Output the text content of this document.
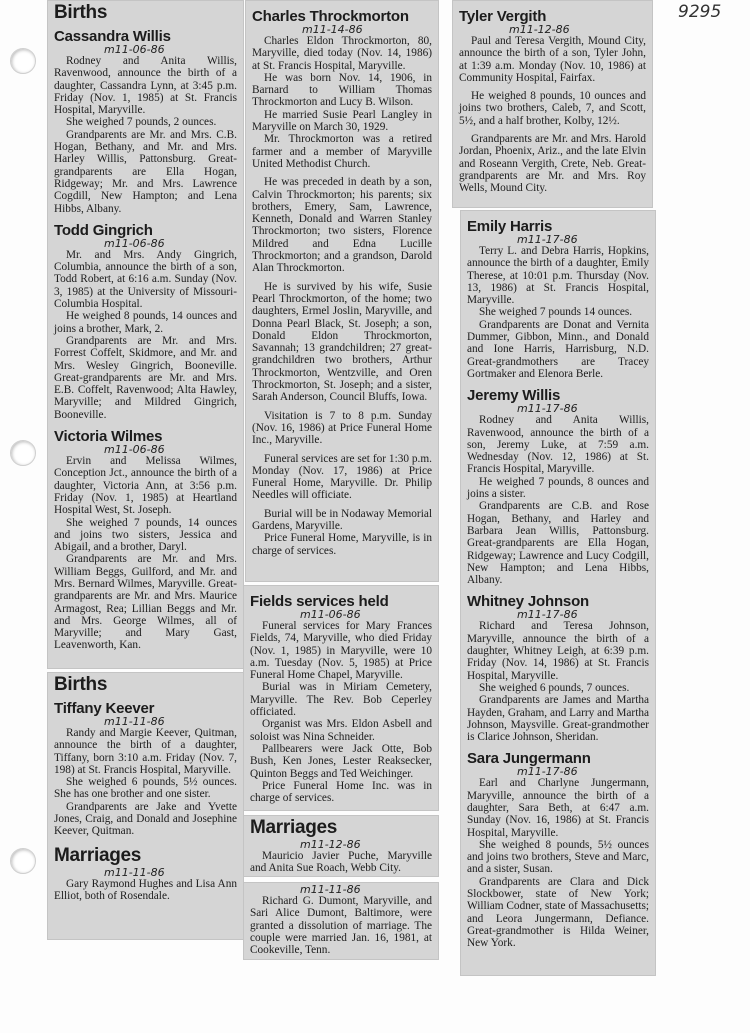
9295
Births
Cassandra Willis
m11-06-86

Rodney and Anita Willis, Ravenwood, announce the birth of a daughter, Cassandra Lynn, at 3:45 p.m. Friday (Nov. 1, 1985) at St. Francis Hospital, Maryville.

She weighed 7 pounds, 2 ounces.

Grandparents are Mr. and Mrs. C.B. Hogan, Bethany, and Mr. and Mrs. Harley Willis, Pattonsburg. Great-grandparents are Ella Hogan, Ridgeway; Mr. and Mrs. Lawrence Cogdill, New Hampton; and Lena Hibbs, Albany.

Todd Gingrich
m11-06-86

Mr. and Mrs. Andy Gingrich, Columbia, announce the birth of a son, Todd Robert, at 6:16 a.m. Sunday (Nov. 3, 1985) at the University of Missouri-Columbia Hospital.

He weighed 8 pounds, 14 ounces and joins a brother, Mark, 2.

Grandparents are Mr. and Mrs. Forrest Coffelt, Skidmore, and Mr. and Mrs. Wesley Gingrich, Booneville. Great-grandparents are Mr. and Mrs. E.B. Coffelt, Ravenwood; Alta Hawley, Maryville; and Mildred Gingrich, Booneville.

Victoria Wilmes
m11-06-86

Ervin and Melissa Wilmes, Conception Jct., announce the birth of a daughter, Victoria Ann, at 3:56 p.m. Friday (Nov. 1, 1985) at Heartland Hospital West, St. Joseph.

She weighed 7 pounds, 14 ounces and joins two sisters, Jessica and Abigail, and a brother, Daryl.

Grandparents are Mr. and Mrs. William Beggs, Guilford, and Mr. and Mrs. Bernard Wilmes, Maryville. Great-grandparents are Mr. and Mrs. Maurice Armagost, Rea; Lillian Beggs and Mr. and Mrs. George Wilmes, all of Maryville; and Mary Gast, Leavenworth, Kan.

Births
Tiffany Keever
m11-11-86

Randy and Margie Keever, Quitman, announce the birth of a daughter, Tiffany, born 3:10 a.m. Friday (Nov. 7, 198) at St. Francis Hospital, Maryville.

She weighed 6 pounds, 5½ ounces. She has one brother and one sister.

Grandparents are Jake and Yvette Jones, Craig, and Donald and Josephine Keever, Quitman.

Marriages
m11-11-86

Gary Raymond Hughes and Lisa Ann Elliot, both of Rosendale.

Charles Throckmorton
m11-14-86

Charles Eldon Throckmorton, 80, Maryville, died today (Nov. 14, 1986) at St. Francis Hospital, Maryville.

He was born Nov. 14, 1906, in Barnard to William Thomas Throckmorton and Lucy B. Wilson.

He married Susie Pearl Langley in Maryville on March 30, 1929.

Mr. Throckmorton was a retired farmer and a member of Maryville United Methodist Church.

He was preceded in death by a son, Calvin Throckmorton; his parents; six brothers, Emery, Sam, Lawrence, Kenneth, Donald and Warren Stanley Throckmorton; two sisters, Florence Mildred and Edna Lucille Throckmorton; and a grandson, Darold Alan Throckmorton.

He is survived by his wife, Susie Pearl Throckmorton, of the home; two daughters, Ermel Joslin, Maryville, and Donna Pearl Black, St. Joseph; a son, Donald Eldon Throckmorton, Savannah; 13 grandchildren; 27 great-grandchildren two brothers, Arthur Throckmorton, Wentzville, and Oren Throckmorton, St. Joseph; and a sister, Sarah Anderson, Council Bluffs, Iowa.

Visitation is 7 to 8 p.m. Sunday (Nov. 16, 1986) at Price Funeral Home Inc., Maryville.

Funeral services are set for 1:30 p.m. Monday (Nov. 17, 1986) at Price Funeral Home, Maryville. Dr. Philip Needles will officiate.

Burial will be in Nodaway Memorial Gardens, Maryville.

Price Funeral Home, Maryville, is in charge of services.

Fields services held
m11-06-86

Funeral services for Mary Frances Fields, 74, Maryville, who died Friday (Nov. 1, 1985) in Maryville, were 10 a.m. Tuesday (Nov. 5, 1985) at Price Funeral Home Chapel, Maryville.

Burial was in Miriam Cemetery, Maryville. The Rev. Bob Ceperley officiated.

Organist was Mrs. Eldon Asbell and soloist was Nina Schneider.

Pallbearers were Jack Otte, Bob Bush, Ken Jones, Lester Reaksecker, Quinton Beggs and Ted Weichinger.

Price Funeral Home Inc. was in charge of services.

Marriages
m11-12-86

Mauricio Javier Puche, Maryville and Anita Sue Roach, Webb City.

m11-11-86

Richard G. Dumont, Maryville, and Sari Alice Dumont, Baltimore, were granted a dissolution of marriage. The couple were married Jan. 16, 1981, at Cookeville, Tenn.

Tyler Vergith
m11-12-86

Paul and Teresa Vergith, Mound City, announce the birth of a son, Tyler John, at 1:39 a.m. Monday (Nov. 10, 1986) at Community Hospital, Fairfax.

He weighed 8 pounds, 10 ounces and joins two brothers, Caleb, 7, and Scott, 5½, and a half brother, Kolby, 12½.

Grandparents are Mr. and Mrs. Harold Jordan, Phoenix, Ariz., and the late Elvin and Roseann Vergith, Crete, Neb. Great-grandparents are Mr. and Mrs. Roy Wells, Mound City.

Emily Harris
m11-17-86

Terry L. and Debra Harris, Hopkins, announce the birth of a daughter, Emily Therese, at 10:01 p.m. Thursday (Nov. 13, 1986) at St. Francis Hospital, Maryville.

She weighed 7 pounds 14 ounces.

Grandparents are Donat and Vernita Dummer, Gibbon, Minn., and Donald and Ione Harris, Harrisburg, N.D. Great-grandmothers are Tracey Gortmaker and Elenora Berle.

Jeremy Willis
m11-17-86

Rodney and Anita Willis, Ravenwood, announce the birth of a son, Jeremy Luke, at 7:59 a.m. Wednesday (Nov. 12, 1986) at St. Francis Hospital, Maryville.

He weighed 7 pounds, 8 ounces and joins a sister.

Grandparents are C.B. and Rose Hogan, Bethany, and Harley and Barbara Jean Willis, Pattonsburg. Great-grandparents are Ella Hogan, Ridgeway; Lawrence and Lucy Codgill, New Hampton; and Lena Hibbs, Albany.

Whitney Johnson
m11-17-86

Richard and Teresa Johnson, Maryville, announce the birth of a daughter, Whitney Leigh, at 6:39 p.m. Friday (Nov. 14, 1986) at St. Francis Hospital, Maryville.

She weighed 6 pounds, 7 ounces.

Grandparents are James and Martha Hayden, Graham, and Larry and Martha Johnson, Maysville. Great-grandmother is Clarice Johnson, Sheridan.

Sara Jungermann
m11-17-86

Earl and Charlyne Jungermann, Maryville, announce the birth of a daughter, Sara Beth, at 6:47 a.m. Sunday (Nov. 16, 1986) at St. Francis Hospital, Maryville.

She weighed 8 pounds, 5½ ounces and joins two brothers, Steve and Marc, and a sister, Susan.

Grandparents are Clara and Dick Slockbower, state of New York; William Codner, state of Massachusetts; and Leora Jungermann, Defiance. Great-grandmother is Hilda Weiner, New York.
